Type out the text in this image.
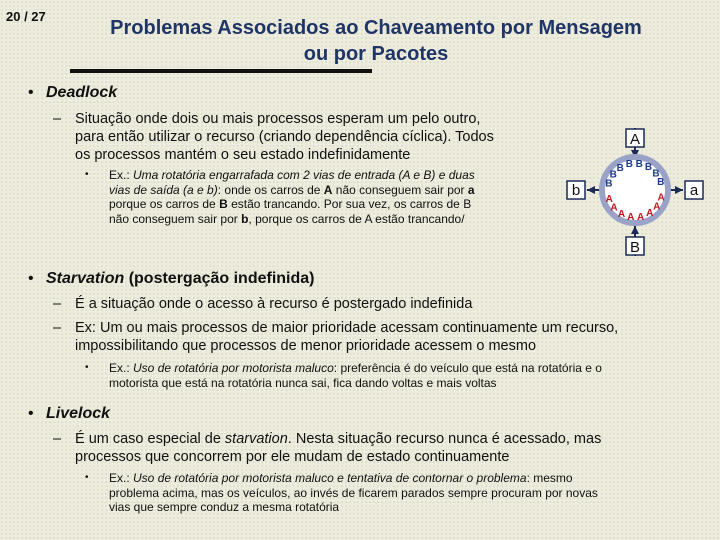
20 / 27
Problemas Associados ao Chaveamento por Mensagem
ou por Pacotes
• Deadlock
– Situação onde dois ou mais processos esperam um pelo outro,
para então utilizar o recurso (criando dependência cíclica). Todos
os processos mantém o seu estado indefinidamente
• Ex.: Uma rotatória engarrafada com 2 vias de entrada (A e B) e duas
vias de saída (a e b): onde os carros de A não conseguem sair por a
porque os carros de B estão trancando. Por sua vez, os carros de B
não conseguem sair por b, porque os carros de A estão trancando/
A
B
b	a
A
A
A
A
A
A
A
A
B
B
B B B B
B
B
• Starvation (postergação indefinida)
– É a situação onde o acesso à recurso é postergado indefinida
– Ex: Um ou mais processos de maior prioridade acessam continuamente um recurso,
impossibilitando que processos de menor prioridade acessem o mesmo
• Ex.: Uso de rotatória por motorista maluco: preferência é do veículo que está na rotatória e o
motorista que está na rotatória nunca sai, fica dando voltas e mais voltas
• Livelock
– É um caso especial de starvation. Nesta situação recurso nunca é acessado, mas
processos que concorrem por ele mudam de estado continuamente
• Ex.: Uso de rotatória por motorista maluco e tentativa de contornar o problema: mesmo
problema acima, mas os veículos, ao invés de ficarem parados sempre procuram por novas
vias que sempre conduz a mesma rotatória
